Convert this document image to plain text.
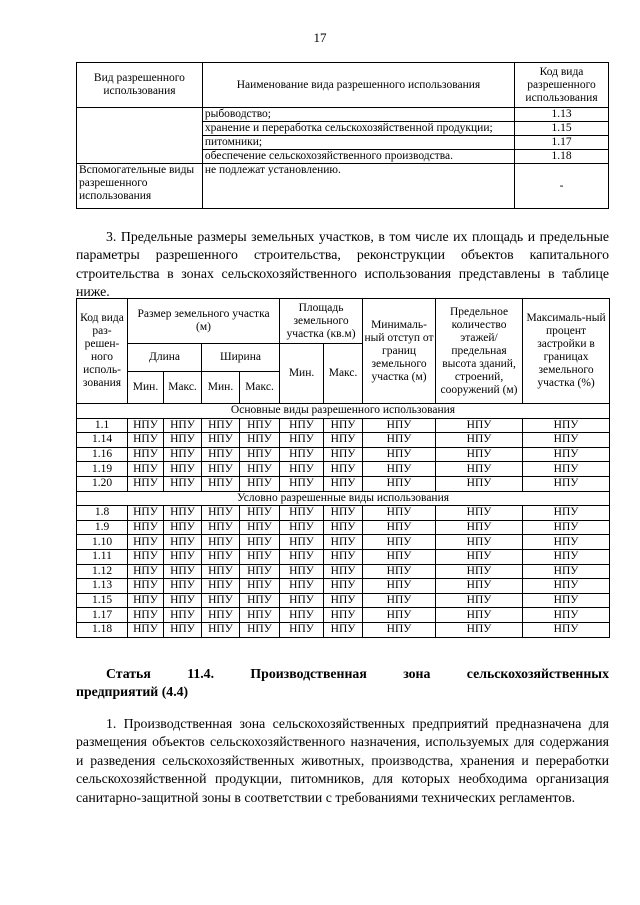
17
Вид разрешенного использования	Наименование вида разрешенного использования	Код вида разрешенного использования
	рыбоводство;	1.13
	хранение и переработка сельскохозяйственной продукции;	1.15
	питомники;	1.17
	обеспечение сельскохозяйственного производства.	1.18
Вспомогательные виды разрешенного использования	не подлежат установлению.	-
3. Предельные размеры земельных участков, в том числе их площадь и предельные параметры разрешенного строительства, реконструкции объектов капитального строительства в зонах сельскохозяйственного использования представлены в таблице ниже.
Код вида раз-решен-ного исполь-зования	Размер земельного участка (м)				Площадь земельного участка (кв.м)		Минималь-ный отступ от границ земельного участка (м)	Предельное количество этажей/ предельная высота зданий, строений, сооружений (м)	Максималь-ный процент застройки в границах земельного участка (%)
	Длина		Ширина		Мин.	Макс.			
	Мин.	Макс.	Мин.	Макс.					
Основные виды разрешенного использования									
1.1	НПУ	НПУ	НПУ	НПУ	НПУ	НПУ	НПУ	НПУ	НПУ
1.14	НПУ	НПУ	НПУ	НПУ	НПУ	НПУ	НПУ	НПУ	НПУ
1.16	НПУ	НПУ	НПУ	НПУ	НПУ	НПУ	НПУ	НПУ	НПУ
1.19	НПУ	НПУ	НПУ	НПУ	НПУ	НПУ	НПУ	НПУ	НПУ
1.20	НПУ	НПУ	НПУ	НПУ	НПУ	НПУ	НПУ	НПУ	НПУ
Условно разрешенные виды использования									
1.8	НПУ	НПУ	НПУ	НПУ	НПУ	НПУ	НПУ	НПУ	НПУ
1.9	НПУ	НПУ	НПУ	НПУ	НПУ	НПУ	НПУ	НПУ	НПУ
1.10	НПУ	НПУ	НПУ	НПУ	НПУ	НПУ	НПУ	НПУ	НПУ
1.11	НПУ	НПУ	НПУ	НПУ	НПУ	НПУ	НПУ	НПУ	НПУ
1.12	НПУ	НПУ	НПУ	НПУ	НПУ	НПУ	НПУ	НПУ	НПУ
1.13	НПУ	НПУ	НПУ	НПУ	НПУ	НПУ	НПУ	НПУ	НПУ
1.15	НПУ	НПУ	НПУ	НПУ	НПУ	НПУ	НПУ	НПУ	НПУ
1.17	НПУ	НПУ	НПУ	НПУ	НПУ	НПУ	НПУ	НПУ	НПУ
1.18	НПУ	НПУ	НПУ	НПУ	НПУ	НПУ	НПУ	НПУ	НПУ
Статья 11.4.	Производственная	зона	сельскохозяйственных
предприятий (4.4)
1. Производственная зона сельскохозяйственных предприятий предназначена для размещения объектов сельскохозяйственного назначения, используемых для содержания и разведения сельскохозяйственных животных, производства, хранения и переработки сельскохозяйственной продукции, питомников, для которых необходима организация санитарно-защитной зоны в соответствии с требованиями технических регламентов.
